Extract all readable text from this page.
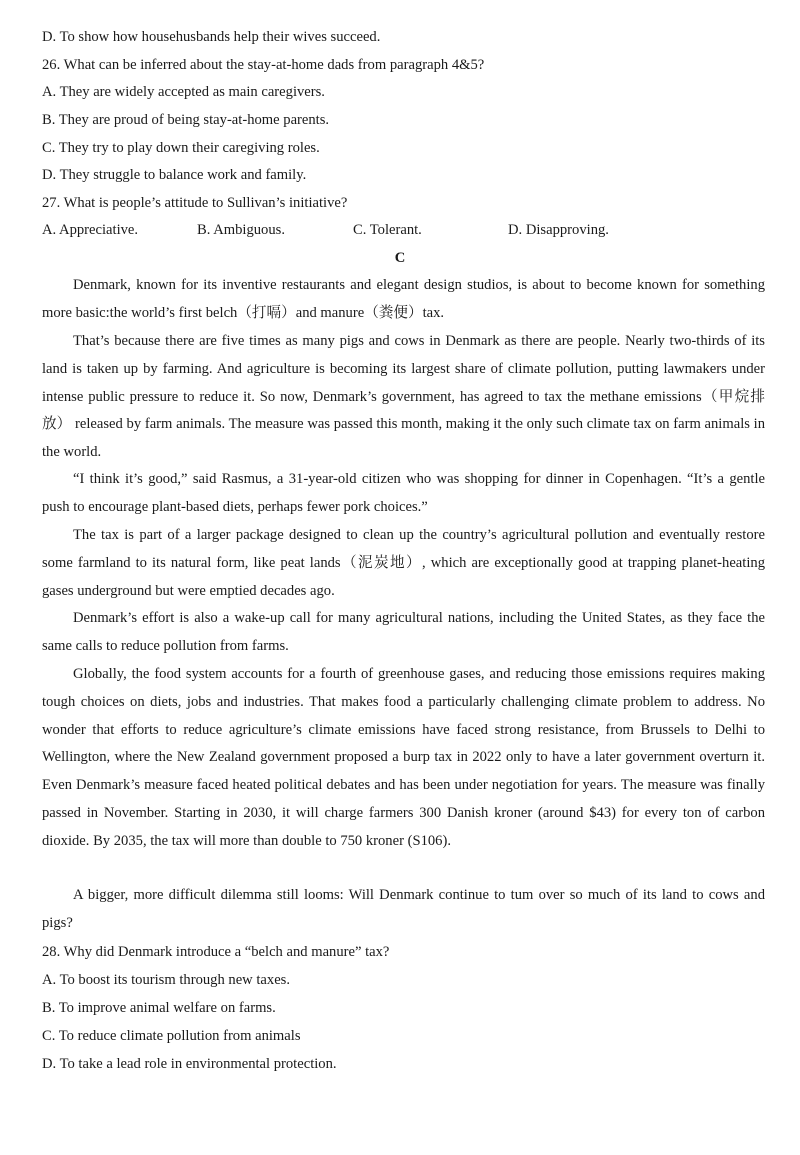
D. To show how househusbands help their wives succeed.
26. What can be inferred about the stay-at-home dads from paragraph 4&5?
A. They are widely accepted as main caregivers.
B. They are proud of being stay-at-home parents.
C. They try to play down their caregiving roles.
D. They struggle to balance work and family.
27. What is people’s attitude to Sullivan’s initiative?
A. Appreciative.	B. Ambiguous.	C. Tolerant.	D. Disapproving.
C
Denmark, known for its inventive restaurants and elegant design studios, is about to become known for something more basic:the world’s first belch（打嗝）and manure（粪便）tax.
That’s because there are five times as many pigs and cows in Denmark as there are people. Nearly two-thirds of its land is taken up by farming. And agriculture is becoming its largest share of climate pollution, putting lawmakers under intense public pressure to reduce it. So now, Denmark’s government, has agreed to tax the methane emissions（甲烷排放） released by farm animals. The measure was passed this month, making it the only such climate tax on farm animals in the world.
“I think it’s good,” said Rasmus, a 31-year-old citizen who was shopping for dinner in Copenhagen. “It’s a gentle push to encourage plant-based diets, perhaps fewer pork choices.”
The tax is part of a larger package designed to clean up the country’s agricultural pollution and eventually restore some farmland to its natural form, like peat lands（泥炭地）, which are exceptionally good at trapping planet-heating gases underground but were emptied decades ago.
Denmark’s effort is also a wake-up call for many agricultural nations, including the United States, as they face the same calls to reduce pollution from farms.
Globally, the food system accounts for a fourth of greenhouse gases, and reducing those emissions requires making tough choices on diets, jobs and industries. That makes food a particularly challenging climate problem to address. No wonder that efforts to reduce agriculture’s climate emissions have faced strong resistance, from Brussels to Delhi to Wellington, where the New Zealand government proposed a burp tax in 2022 only to have a later government overturn it. Even Denmark’s measure faced heated political debates and has been under negotiation for years. The measure was finally passed in November. Starting in 2030, it will charge farmers 300 Danish kroner (around $43) for every ton of carbon dioxide. By 2035, the tax will more than double to 750 kroner (S106).
A bigger, more difficult dilemma still looms: Will Denmark continue to tum over so much of its land to cows and pigs?
28. Why did Denmark introduce a “belch and manure” tax?
A. To boost its tourism through new taxes.
B. To improve animal welfare on farms.
C. To reduce climate pollution from animals
D. To take a lead role in environmental protection.
